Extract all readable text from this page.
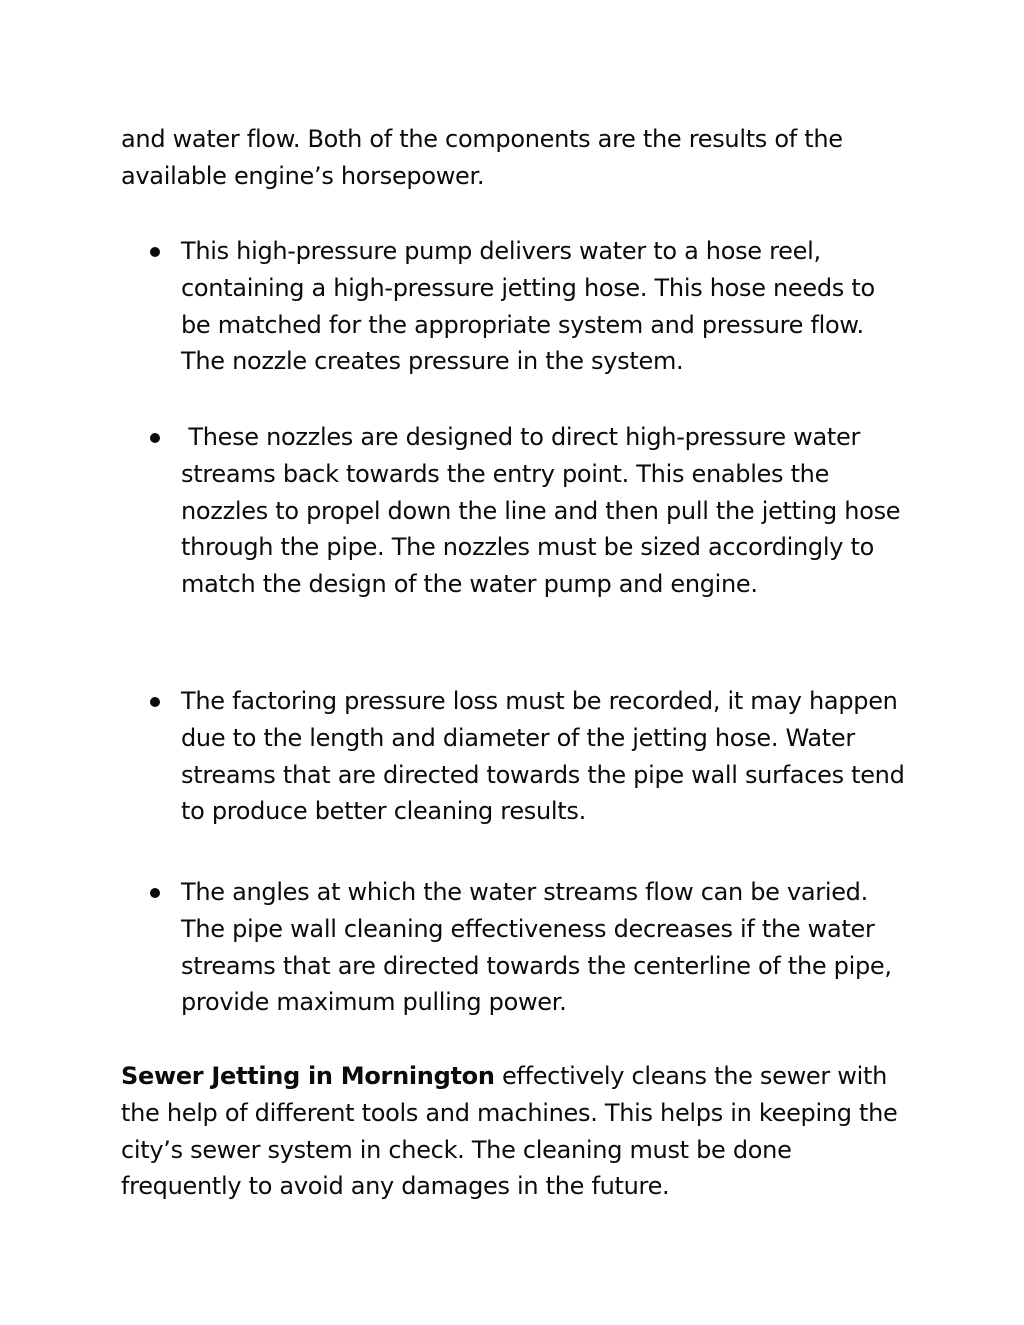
and water flow. Both of the components are the results of the available engine’s horsepower.

This high-pressure pump delivers water to a hose reel, containing a high-pressure jetting hose. This hose needs to be matched for the appropriate system and pressure flow. The nozzle creates pressure in the system.

These nozzles are designed to direct high-pressure water streams back towards the entry point. This enables the nozzles to propel down the line and then pull the jetting hose through the pipe. The nozzles must be sized accordingly to match the design of the water pump and engine.

The factoring pressure loss must be recorded, it may happen due to the length and diameter of the jetting hose. Water streams that are directed towards the pipe wall surfaces tend to produce better cleaning results.

The angles at which the water streams flow can be varied. The pipe wall cleaning effectiveness decreases if the water streams that are directed towards the centerline of the pipe, provide maximum pulling power.

Sewer Jetting in Mornington effectively cleans the sewer with the help of different tools and machines. This helps in keeping the city’s sewer system in check. The cleaning must be done frequently to avoid any damages in the future.
